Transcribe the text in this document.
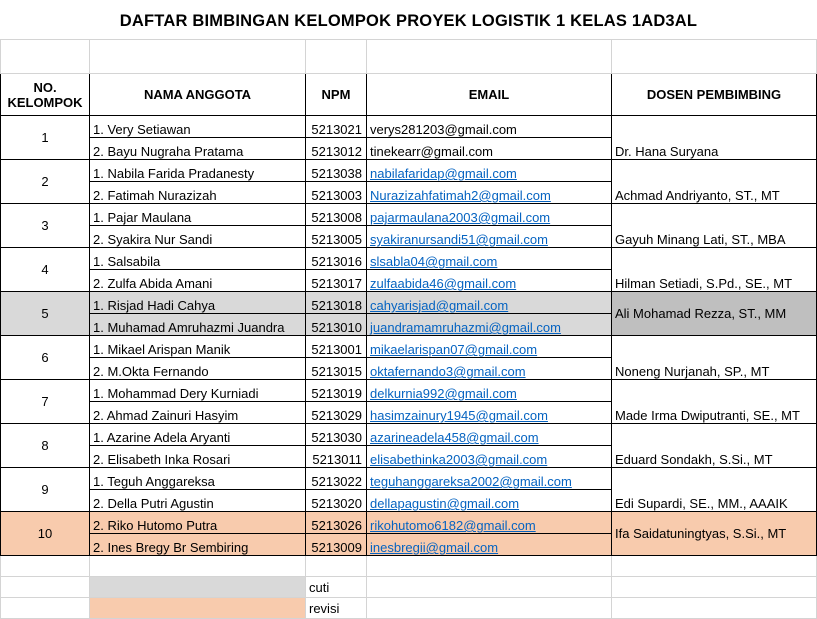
DAFTAR BIMBINGAN KELOMPOK PROYEK LOGISTIK 1 KELAS 1AD3AL

NO.
KELOMPOK	NAMA ANGGOTA	NPM	EMAIL	DOSEN PEMBIMBING
1	1. Very Setiawan	5213021	verys281203@gmail.com	Dr. Hana Suryana
	2. Bayu Nugraha Pratama	5213012	tinekearr@gmail.com	
2	1. Nabila Farida Pradanesty	5213038	nabilafaridap@gmail.com	Achmad Andriyanto, ST., MT
	2. Fatimah Nurazizah	5213003	Nurazizahfatimah2@gmail.com	
3	1. Pajar Maulana	5213008	pajarmaulana2003@gmail.com	Gayuh Minang Lati, ST., MBA
	2. Syakira Nur Sandi	5213005	syakiranursandi51@gmail.com	
4	1. Salsabila	5213016	slsabla04@gmail.com	Hilman Setiadi, S.Pd., SE., MT
	2. Zulfa Abida Amani	5213017	zulfaabida46@gmail.com	
5	1. Risjad Hadi Cahya	5213018	cahyarisjad@gmail.com	Ali Mohamad Rezza, ST., MM
	1. Muhamad Amruhazmi Juandra	5213010	juandramamruhazmi@gmail.com	
6	1. Mikael Arispan Manik	5213001	mikaelarispan07@gmail.com	Noneng Nurjanah, SP., MT
	2. M.Okta Fernando	5213015	oktafernando3@gmail.com	
7	1. Mohammad Dery Kurniadi	5213019	delkurnia992@gmail.com	Made Irma Dwiputranti, SE., MT
	2. Ahmad Zainuri Hasyim	5213029	hasimzainury1945@gmail.com	
8	1. Azarine Adela Aryanti	5213030	azarineadela458@gmail.com	Eduard Sondakh, S.Si., MT
	2. Elisabeth Inka Rosari	5213011	elisabethinka2003@gmail.com	
9	1. Teguh Anggareksa	5213022	teguhanggareksa2002@gmail.com	Edi Supardi, SE., MM., AAAIK
	2. Della Putri Agustin	5213020	dellapagustin@gmail.com	
10	2. Riko Hutomo Putra	5213026	rikohutomo6182@gmail.com	Ifa Saidatuningtyas, S.Si., MT
	2. Ines Bregy Br Sembiring	5213009	inesbregii@gmail.com	

		cuti		
		revisi		
